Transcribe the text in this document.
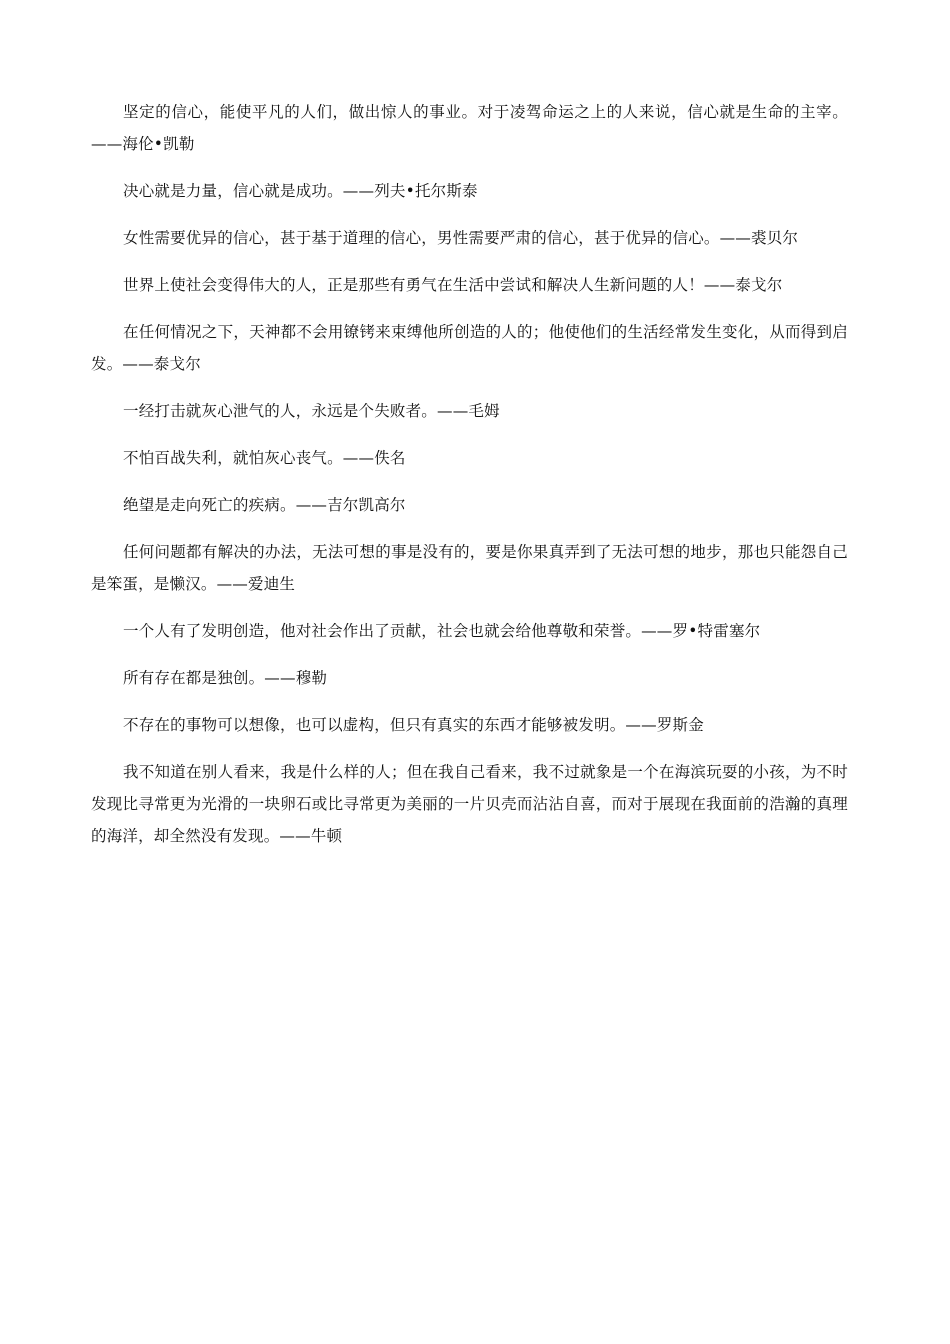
坚定的信心，能使平凡的人们，做出惊人的事业。对于凌驾命运之上的人来说，信心就是生命的主宰。——海伦•凯勒

决心就是力量，信心就是成功。——列夫•托尔斯泰

女性需要优异的信心，甚于基于道理的信心，男性需要严肃的信心，甚于优异的信心。——裘贝尔

世界上使社会变得伟大的人，正是那些有勇气在生活中尝试和解决人生新问题的人！——泰戈尔

在任何情况之下，天神都不会用镣铐来束缚他所创造的人的；他使他们的生活经常发生变化，从而得到启发。——泰戈尔

一经打击就灰心泄气的人，永远是个失败者。——毛姆

不怕百战失利，就怕灰心丧气。——佚名

绝望是走向死亡的疾病。——吉尔凯高尔

任何问题都有解决的办法，无法可想的事是没有的，要是你果真弄到了无法可想的地步，那也只能怨自己是笨蛋，是懒汉。——爱迪生

一个人有了发明创造，他对社会作出了贡献，社会也就会给他尊敬和荣誉。——罗•特雷塞尔

所有存在都是独创。——穆勒

不存在的事物可以想像，也可以虚构，但只有真实的东西才能够被发明。——罗斯金

我不知道在别人看来，我是什么样的人；但在我自己看来，我不过就象是一个在海滨玩耍的小孩，为不时发现比寻常更为光滑的一块卵石或比寻常更为美丽的一片贝壳而沾沾自喜，而对于展现在我面前的浩瀚的真理的海洋，却全然没有发现。——牛顿
